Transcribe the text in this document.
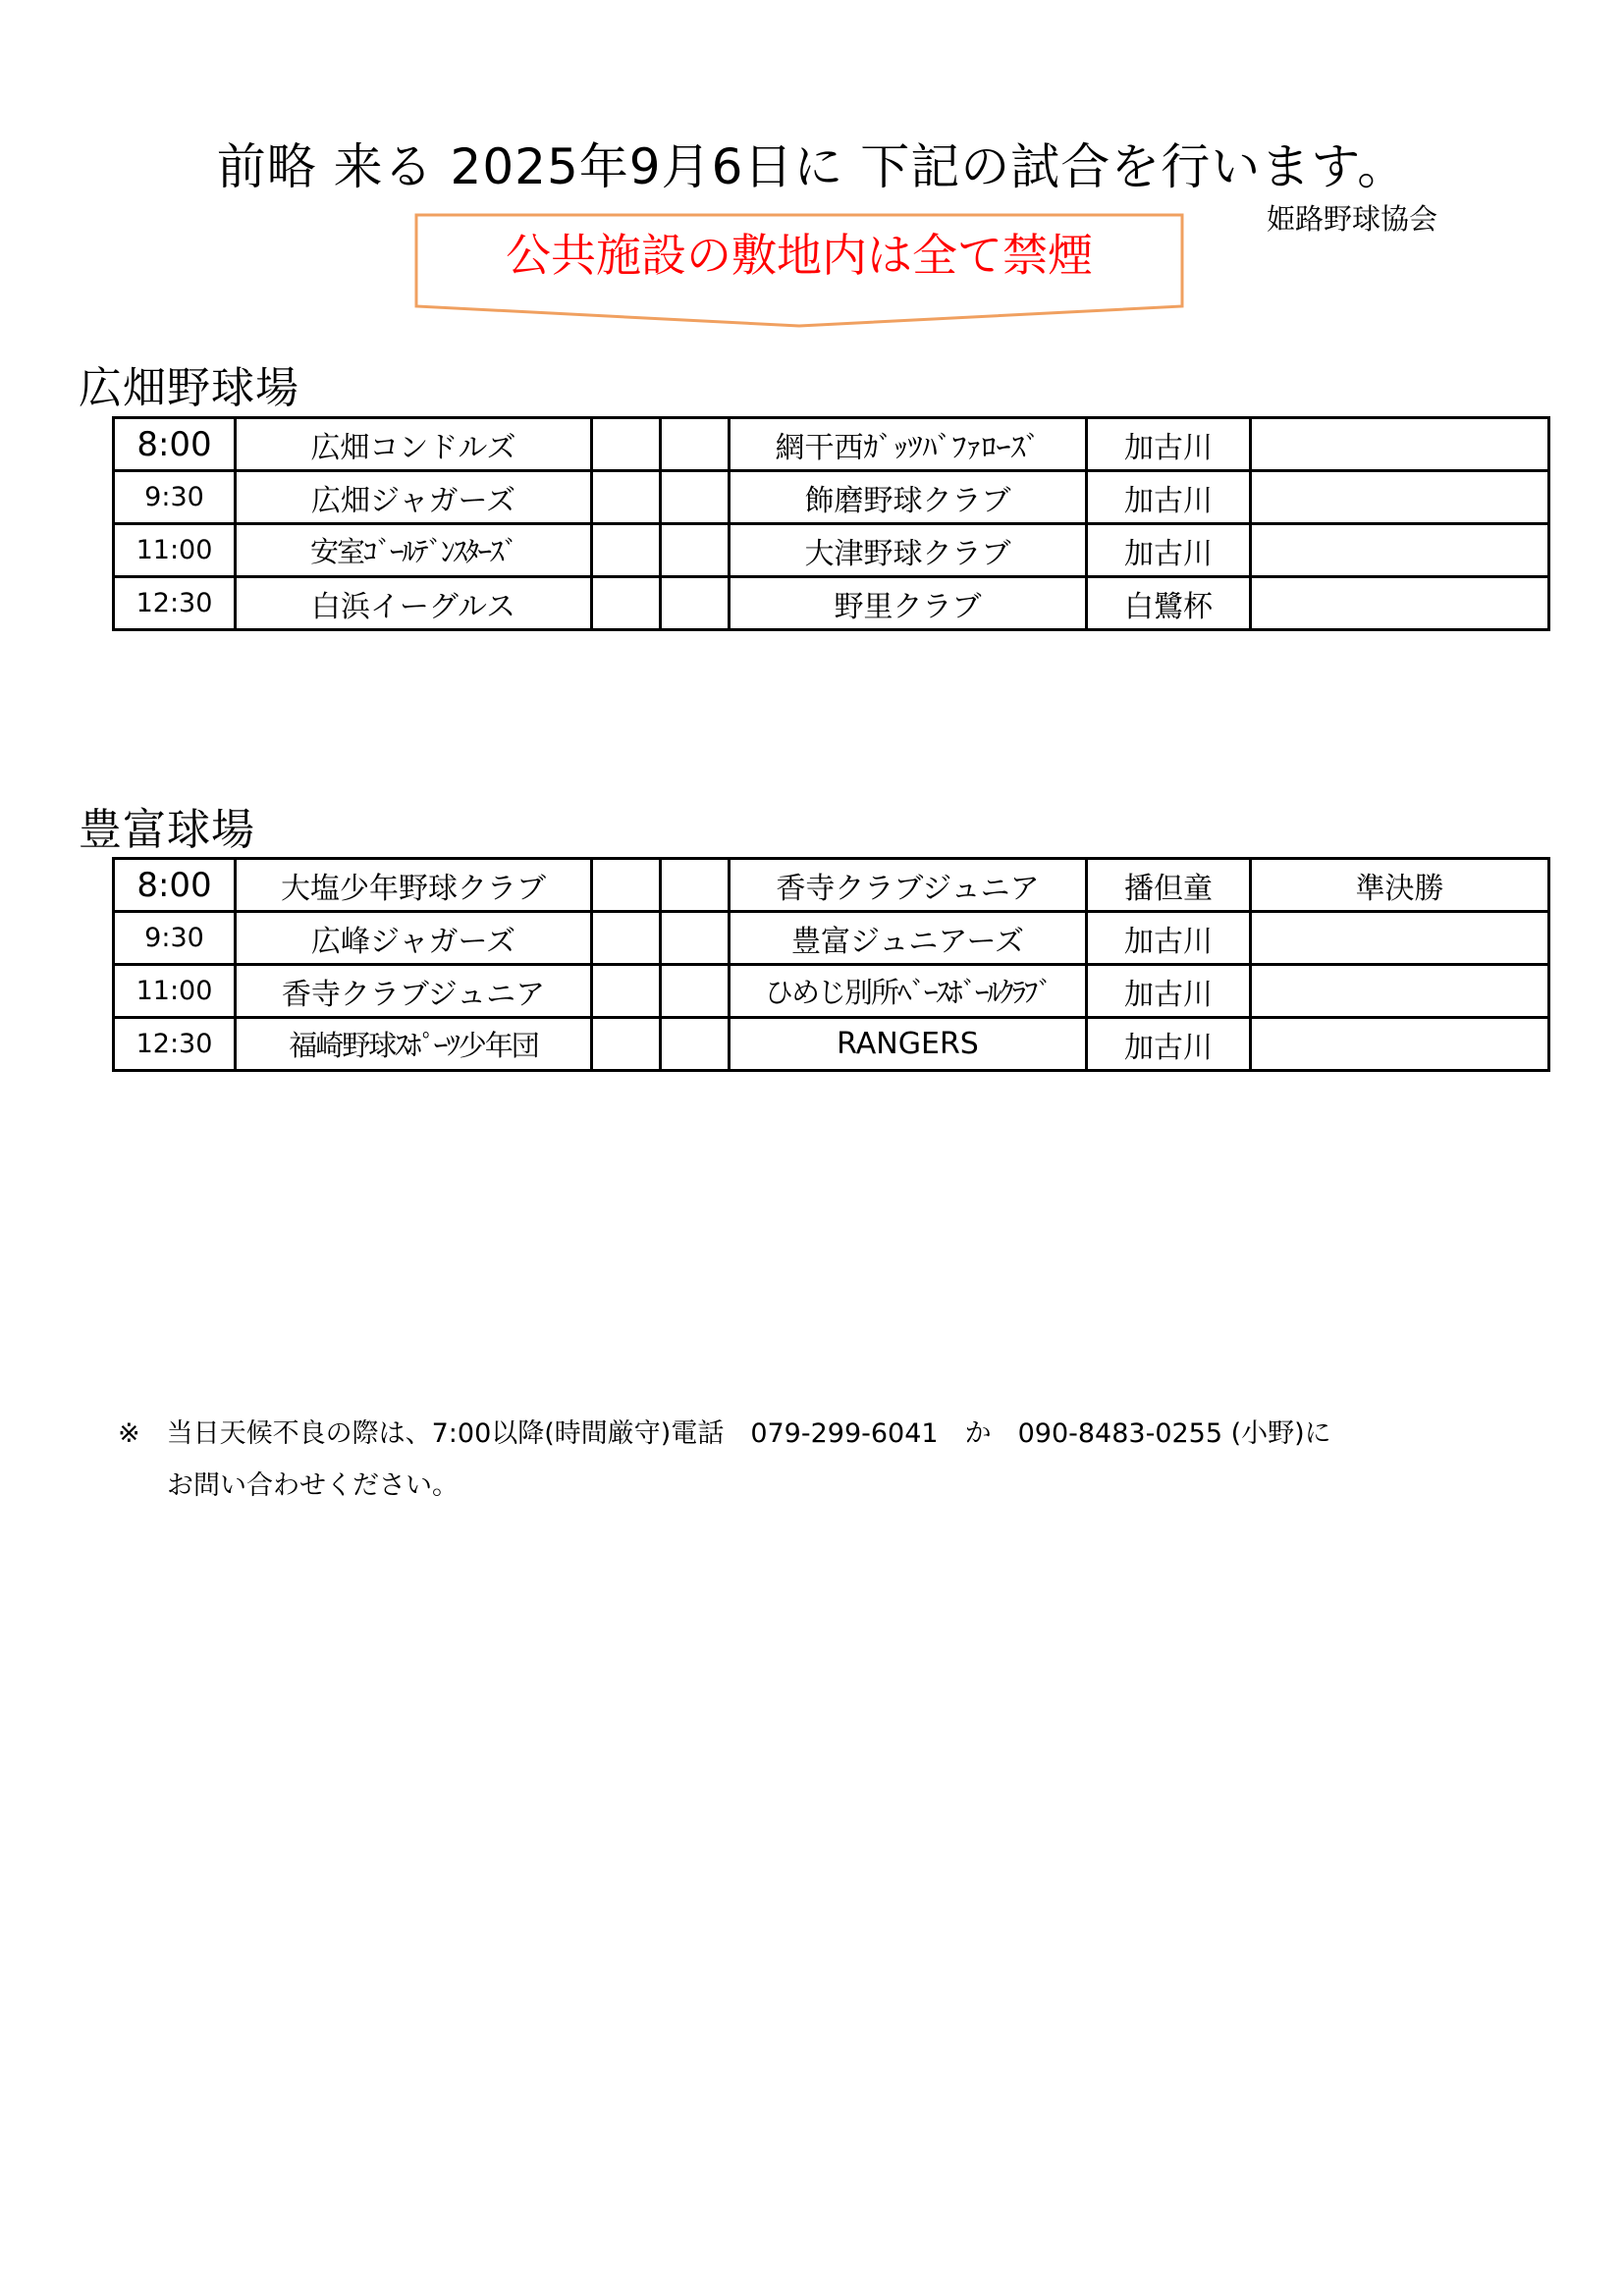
前略 来る 2025年9月6日に 下記の試合を行います。
姫路野球協会
公共施設の敷地内は全て禁煙
広畑野球場
8:00	広畑コンドルズ			網干西ｶﾞｯﾂﾊﾞﾌｧﾛｰｽﾞ	加古川	
9:30	広畑ジャガーズ			飾磨野球クラブ	加古川	
11:00	安室ｺﾞｰﾙﾃﾞﾝｽﾀｰｽﾞ			大津野球クラブ	加古川	
12:30	白浜イーグルス			野里クラブ	白鷺杯	
豊富球場
8:00	大塩少年野球クラブ			香寺クラブジュニア	播但童	準決勝
9:30	広峰ジャガーズ			豊富ジュニアーズ	加古川	
11:00	香寺クラブジュニア			ひめじ別所ﾍﾞｰｽﾎﾞｰﾙｸﾗﾌﾞ	加古川	
12:30	福崎野球ｽﾎﾟｰﾂ少年団			RANGERS	加古川	
※　当日天候不良の際は、7:00以降(時間厳守)電話　079-299-6041　か　090-8483-0255 (小野)に
お問い合わせください。
